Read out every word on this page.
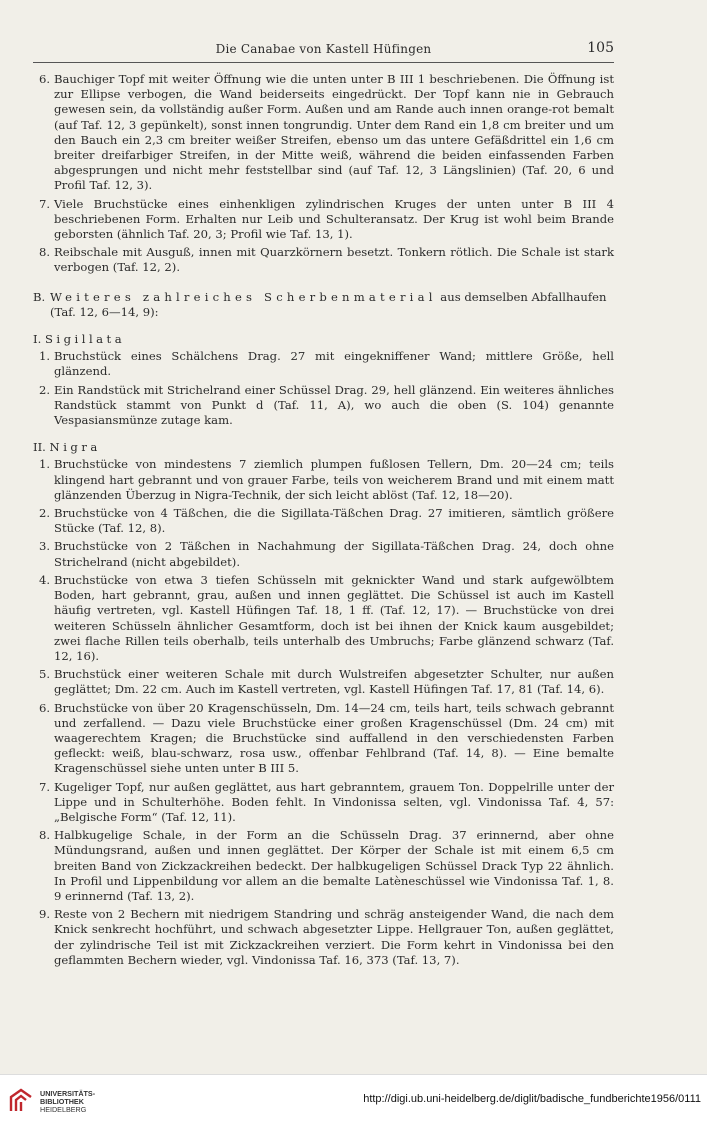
Die Canabae von Kastell Hüfingen	105
6. Bauchiger Topf mit weiter Öffnung wie die unten unter B III 1 beschriebenen. Die Öffnung ist zur Ellipse verbogen, die Wand beiderseits eingedrückt. Der Topf kann nie in Gebrauch gewesen sein, da vollständig außer Form. Außen und am Rande auch innen orange-rot bemalt (auf Taf. 12, 3 gepünkelt), sonst innen tongrundig. Unter dem Rand ein 1,8 cm breiter und um den Bauch ein 2,3 cm breiter weißer Streifen, ebenso um das untere Gefäßdrittel ein 1,6 cm breiter dreifarbiger Streifen, in der Mitte weiß, während die beiden einfassenden Farben abgesprungen und nicht mehr feststellbar sind (auf Taf. 12, 3 Längslinien) (Taf. 20, 6 und Profil Taf. 12, 3).
7. Viele Bruchstücke eines einhenkligen zylindrischen Kruges der unten unter B III 4 beschriebenen Form. Erhalten nur Leib und Schulteransatz. Der Krug ist wohl beim Brande geborsten (ähnlich Taf. 20, 3; Profil wie Taf. 13, 1).
8. Reibschale mit Ausguß, innen mit Quarzkörnern besetzt. Tonkern rötlich. Die Schale ist stark verbogen (Taf. 12, 2).
B. Weiteres zahlreiches Scherbenmaterial aus demselben Abfallhaufen
(Taf. 12, 6—14, 9):
I. Sigillata
1. Bruchstück eines Schälchens Drag. 27 mit eingekniffener Wand; mittlere Größe, hell glänzend.
2. Ein Randstück mit Strichelrand einer Schüssel Drag. 29, hell glänzend. Ein weiteres ähnliches Randstück stammt von Punkt d (Taf. 11, A), wo auch die oben (S. 104) genannte Vespasiansmünze zutage kam.
II. Nigra
1. Bruchstücke von mindestens 7 ziemlich plumpen fußlosen Tellern, Dm. 20—24 cm; teils klingend hart gebrannt und von grauer Farbe, teils von weicherem Brand und mit einem matt glänzenden Überzug in Nigra-Technik, der sich leicht ablöst (Taf. 12, 18—20).
2. Bruchstücke von 4 Täßchen, die die Sigillata-Täßchen Drag. 27 imitieren, sämtlich größere Stücke (Taf. 12, 8).
3. Bruchstücke von 2 Täßchen in Nachahmung der Sigillata-Täßchen Drag. 24, doch ohne Strichelrand (nicht abgebildet).
4. Bruchstücke von etwa 3 tiefen Schüsseln mit geknickter Wand und stark aufgewölbtem Boden, hart gebrannt, grau, außen und innen geglättet. Die Schüssel ist auch im Kastell häufig vertreten, vgl. Kastell Hüfingen Taf. 18, 1 ff. (Taf. 12, 17). — Bruchstücke von drei weiteren Schüsseln ähnlicher Gesamtform, doch ist bei ihnen der Knick kaum ausgebildet; zwei flache Rillen teils oberhalb, teils unterhalb des Umbruchs; Farbe glänzend schwarz (Taf. 12, 16).
5. Bruchstück einer weiteren Schale mit durch Wulstreifen abgesetzter Schulter, nur außen geglättet; Dm. 22 cm. Auch im Kastell vertreten, vgl. Kastell Hüfingen Taf. 17, 81 (Taf. 14, 6).
6. Bruchstücke von über 20 Kragenschüsseln, Dm. 14—24 cm, teils hart, teils schwach gebrannt und zerfallend. — Dazu viele Bruchstücke einer großen Kragenschüssel (Dm. 24 cm) mit waagerechtem Kragen; die Bruchstücke sind auffallend in den verschiedensten Farben gefleckt: weiß, blau-schwarz, rosa usw., offenbar Fehlbrand (Taf. 14, 8). — Eine bemalte Kragenschüssel siehe unten unter B III 5.
7. Kugeliger Topf, nur außen geglättet, aus hart gebranntem, grauem Ton. Doppelrille unter der Lippe und in Schulterhöhe. Boden fehlt. In Vindonissa selten, vgl. Vindonissa Taf. 4, 57: „Belgische Form“ (Taf. 12, 11).
8. Halbkugelige Schale, in der Form an die Schüsseln Drag. 37 erinnernd, aber ohne Mündungsrand, außen und innen geglättet. Der Körper der Schale ist mit einem 6,5 cm breiten Band von Zickzackreihen bedeckt. Der halbkugeligen Schüssel Drack Typ 22 ähnlich. In Profil und Lippenbildung vor allem an die bemalte Latèneschüssel wie Vindonissa Taf. 1, 8. 9 erinnernd (Taf. 13, 2).
9. Reste von 2 Bechern mit niedrigem Standring und schräg ansteigender Wand, die nach dem Knick senkrecht hochführt, und schwach abgesetzter Lippe. Hellgrauer Ton, außen geglättet, der zylindrische Teil ist mit Zickzackreihen verziert. Die Form kehrt in Vindonissa bei den geflammten Bechern wieder, vgl. Vindonissa Taf. 16, 373 (Taf. 13, 7).
UNIVERSITÄTS-
BIBLIOTHEK
HEIDELBERG
http://digi.ub.uni-heidelberg.de/diglit/badische_fundberichte1956/0111
